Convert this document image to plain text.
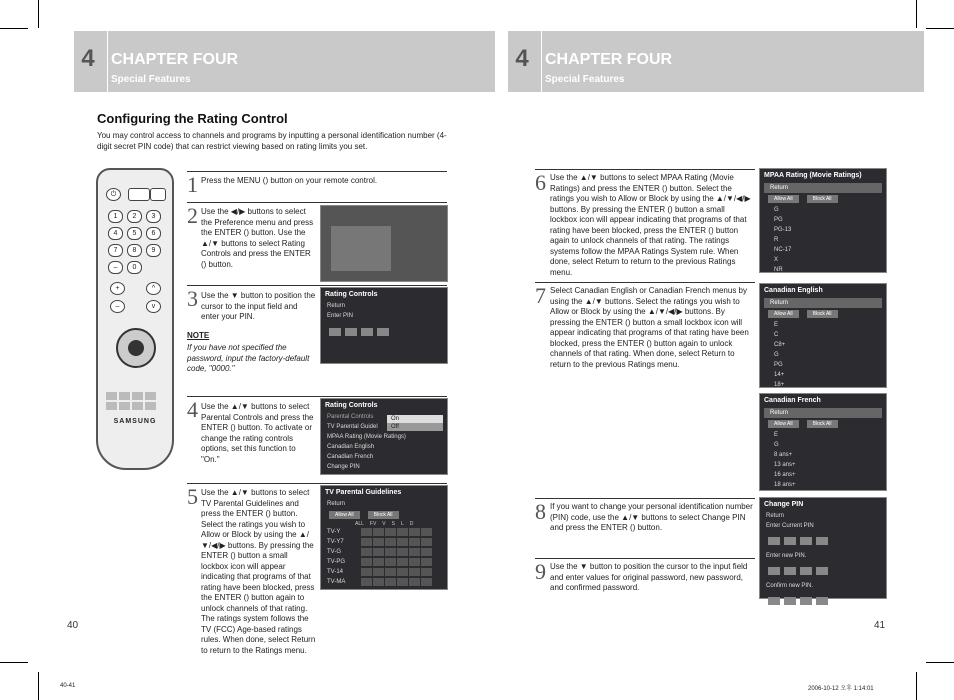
4	CHAPTER FOUR
Special Features
4	CHAPTER FOUR
Special Features
Configuring the Rating Control
You may control access to channels and programs by inputting a personal identification number (4-digit secret PIN code) that can restrict viewing based on rating limits you set.
⏻
1	2	3
4	5	6
7	8	9
–	0
+	^
–	v
SAMSUNG
1 Press the MENU () button on your remote control.
2 Use the ◀/▶ buttons to select the Preference menu and press the ENTER () button. Use the ▲/▼ buttons to select Rating Controls and press the ENTER () button.
3 Use the ▼ button to position the cursor to the input field and enter your PIN.
NOTE
If you have not specified the password, input the factory-default code, "0000."
4 Use the ▲/▼ buttons to select Parental Controls and press the ENTER () button. To activate or change the rating controls options, set this function to "On."
5 Use the ▲/▼ buttons to select TV Parental Guidelines and press the ENTER () button. Select the ratings you wish to Allow or Block by using the ▲/▼/◀/▶ buttons. By pressing the ENTER () button a small lockbox icon will appear indicating that programs of that rating have been blocked, press the ENTER () button again to unlock channels of that rating. The ratings system follows the TV (FCC) Age-based ratings rules. When done, select Return to return to the Ratings menu.
Rating Controls
Return
Enter PIN
Rating Controls
Parental Controls
TV Parental Guidel
MPAA Rating (Movie Ratings)
Canadian English
Canadian French
Change PIN
On
Off
TV Parental Guidelines
Return
Allow All	Block All
ALL FV V S L D
TV-Y
TV-Y7
TV-G
TV-PG
TV-14
TV-MA
40
6 Use the ▲/▼ buttons to select MPAA Rating (Movie Ratings) and press the ENTER () button. Select the ratings you wish to Allow or Block by using the ▲/▼/◀/▶ buttons. By pressing the ENTER () button a small lockbox icon will appear indicating that programs of that rating have been blocked, press the ENTER () button again to unlock channels of that rating. The ratings systems follow the MPAA Ratings System rule. When done, select Return to return to the previous Ratings menu.
7 Select Canadian English or Canadian French menus by using the ▲/▼ buttons. Select the ratings you wish to Allow or Block by using the ▲/▼/◀/▶ buttons. By pressing the ENTER () button a small lockbox icon will appear indicating that programs of that rating have been blocked, press the ENTER () button again to unlock channels of that rating. When done, select Return to return to the previous Ratings menu.
8 If you want to change your personal identification number (PIN) code, use the ▲/▼ buttons to select Change PIN and press the ENTER () button.
9 Use the ▼ button to position the cursor to the input field and enter values for original password, new password, and confirmed password.
MPAA Rating (Movie Ratings)
Return
Allow All	Block All
G
PG
PG-13
R
NC-17
X
NR
Canadian English
Return
Allow All	Block All
E
C
C8+
G
PG
14+
18+
Canadian French
Return
Allow All	Block All
E
G
8 ans+
13 ans+
16 ans+
18 ans+
Change PIN
Return
Enter Current PIN
Enter new PIN.
Confirm new PIN.
41
40-41	2006-10-12 오후 1:14:01
